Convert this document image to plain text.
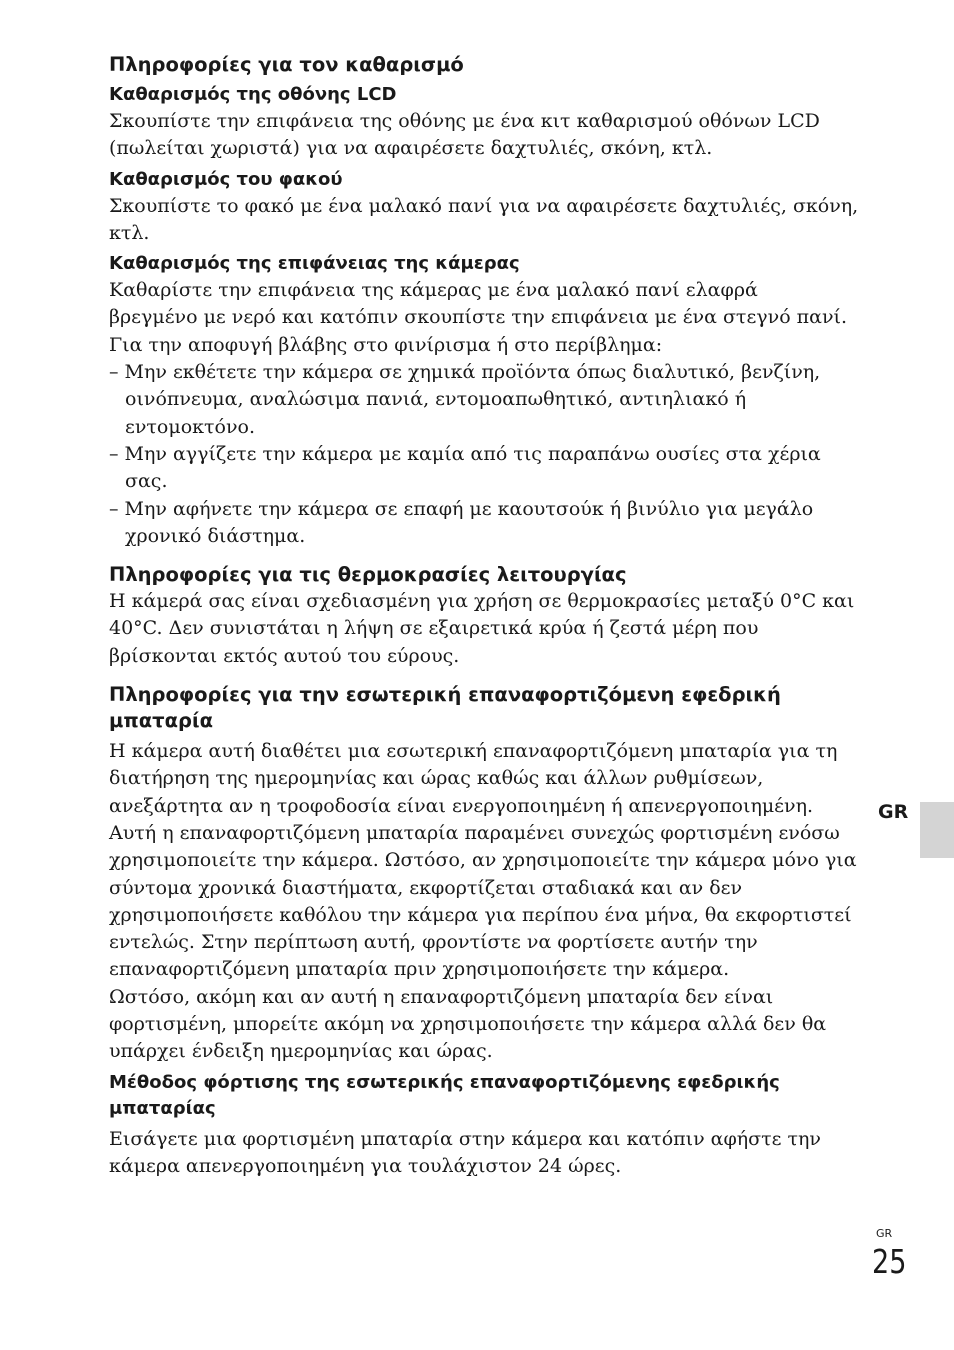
Πληροφορίες για τον καθαρισμό
Καθαρισμός της οθόνης LCD

Σκουπίστε την επιφάνεια της οθόνης με ένα κιτ καθαρισμού οθόνων LCD
(πωλείται χωριστά) για να αφαιρέσετε δαχτυλιές, σκόνη, κτλ.

Καθαρισμός του φακού

Σκουπίστε το φακό με ένα μαλακό πανί για να αφαιρέσετε δαχτυλιές, σκόνη,
κτλ.

Καθαρισμός της επιφάνειας της κάμερας

Καθαρίστε την επιφάνεια της κάμερας με ένα μαλακό πανί ελαφρά
βρεγμένο με νερό και κατόπιν σκουπίστε την επιφάνεια με ένα στεγνό πανί.
Για την αποφυγή βλάβης στο φινίρισμα ή στο περίβλημα:

– Μην εκθέτετε την κάμερα σε χημικά προϊόντα όπως διαλυτικό, βενζίνη,
οινόπνευμα, αναλώσιμα πανιά, εντομοαπωθητικό, αντιηλιακό ή
εντομοκτόνο.
– Μην αγγίζετε την κάμερα με καμία από τις παραπάνω ουσίες στα χέρια
σας.
– Μην αφήνετε την κάμερα σε επαφή με καουτσούκ ή βινύλιο για μεγάλο
χρονικό διάστημα.
Πληροφορίες για τις θερμοκρασίες λειτουργίας

Η κάμερά σας είναι σχεδιασμένη για χρήση σε θερμοκρασίες μεταξύ 0°C και
40°C. Δεν συνιστάται η λήψη σε εξαιρετικά κρύα ή ζεστά μέρη που
βρίσκονται εκτός αυτού του εύρους.

Πληροφορίες για την εσωτερική επαναφορτιζόμενη εφεδρική
μπαταρία

Η κάμερα αυτή διαθέτει μια εσωτερική επαναφορτιζόμενη μπαταρία για τη
διατήρηση της ημερομηνίας και ώρας καθώς και άλλων ρυθμίσεων,
ανεξάρτητα αν η τροφοδοσία είναι ενεργοποιημένη ή απενεργοποιημένη.
Αυτή η επαναφορτιζόμενη μπαταρία παραμένει συνεχώς φορτισμένη ενόσω
χρησιμοποιείτε την κάμερα. Ωστόσο, αν χρησιμοποιείτε την κάμερα μόνο για
σύντομα χρονικά διαστήματα, εκφορτίζεται σταδιακά και αν δεν
χρησιμοποιήσετε καθόλου την κάμερα για περίπου ένα μήνα, θα εκφορτιστεί
εντελώς. Στην περίπτωση αυτή, φροντίστε να φορτίσετε αυτήν την
επαναφορτιζόμενη μπαταρία πριν χρησιμοποιήσετε την κάμερα.
Ωστόσο, ακόμη και αν αυτή η επαναφορτιζόμενη μπαταρία δεν είναι
φορτισμένη, μπορείτε ακόμη να χρησιμοποιήσετε την κάμερα αλλά δεν θα
υπάρχει ένδειξη ημερομηνίας και ώρας.

Μέθοδος φόρτισης της εσωτερικής επαναφορτιζόμενης εφεδρικής
μπαταρίας

Εισάγετε μια φορτισμένη μπαταρία στην κάμερα και κατόπιν αφήστε την
κάμερα απενεργοποιημένη για τουλάχιστον 24 ώρες.

GR
GR
25
